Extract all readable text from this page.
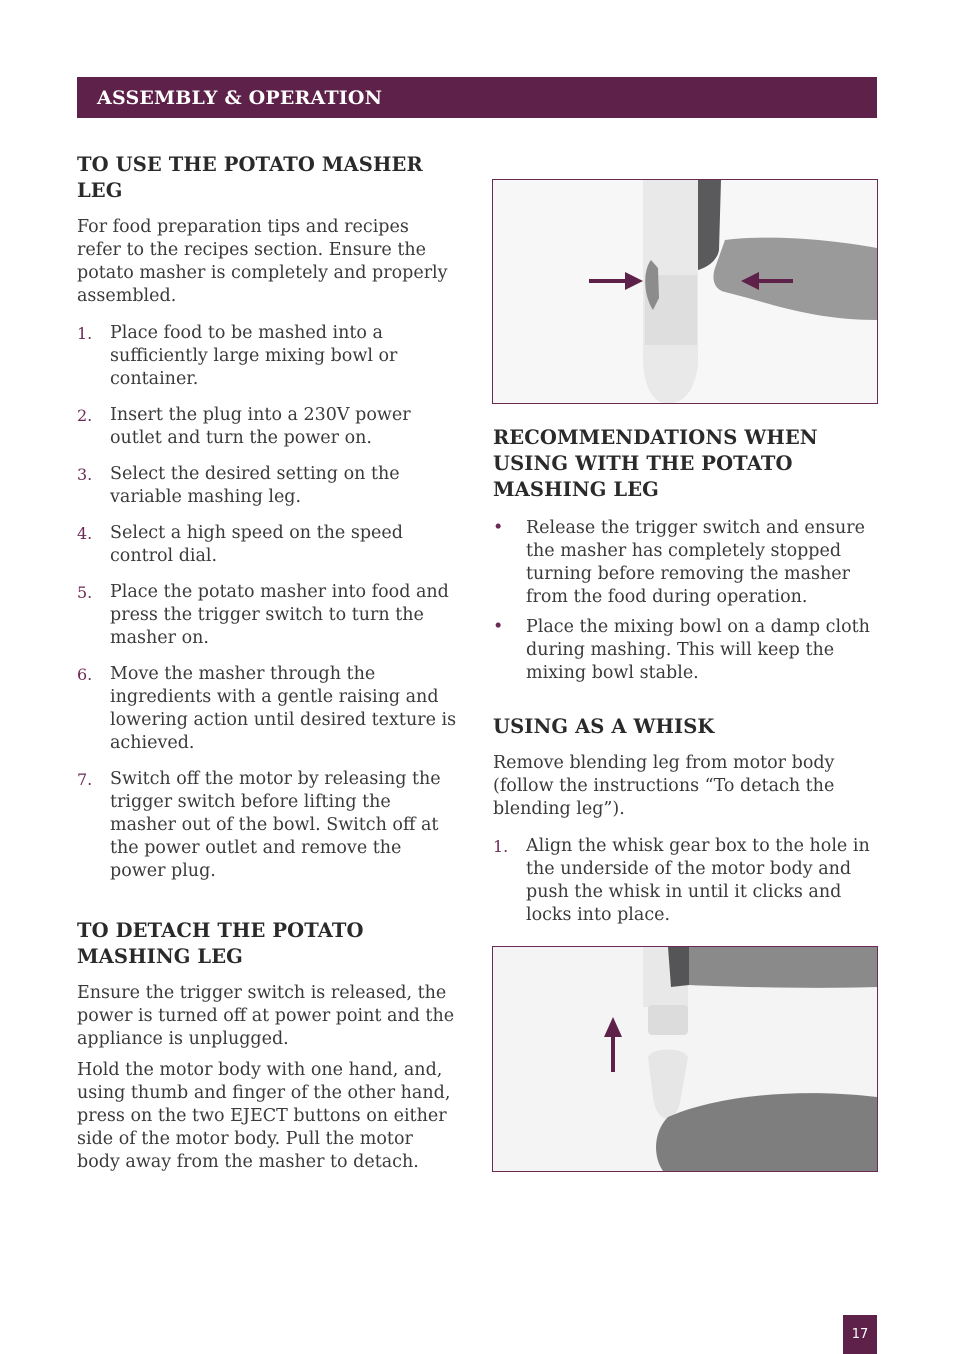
ASSEMBLY & OPERATION
TO USE THE POTATO MASHER LEG

For food preparation tips and recipes refer to the recipes section. Ensure the potato masher is completely and properly assembled.

1. Place food to be mashed into a sufficiently large mixing bowl or container.
2. Insert the plug into a 230V power outlet and turn the power on.
3. Select the desired setting on the variable mashing leg.
4. Select a high speed on the speed control dial.
5. Place the potato masher into food and press the trigger switch to turn the masher on.
6. Move the masher through the ingredients with a gentle raising and lowering action until desired texture is achieved.
7. Switch off the motor by releasing the trigger switch before lifting the masher out of the bowl. Switch off at the power outlet and remove the power plug.
TO DETACH THE POTATO MASHING LEG

Ensure the trigger switch is released, the power is turned off at power point and the appliance is unplugged.

Hold the motor body with one hand, and, using thumb and finger of the other hand, press on the two EJECT buttons on either side of the motor body. Pull the motor body away from the masher to detach.

RECOMMENDATIONS WHEN USING WITH THE POTATO MASHING LEG
• Release the trigger switch and ensure the masher has completely stopped turning before removing the masher from the food during operation.
• Place the mixing bowl on a damp cloth during mashing. This will keep the mixing bowl stable.
USING AS A WHISK

Remove blending leg from motor body (follow the instructions “To detach the blending leg”).

1. Align the whisk gear box to the hole in the underside of the motor body and push the whisk in until it clicks and locks into place.
17
